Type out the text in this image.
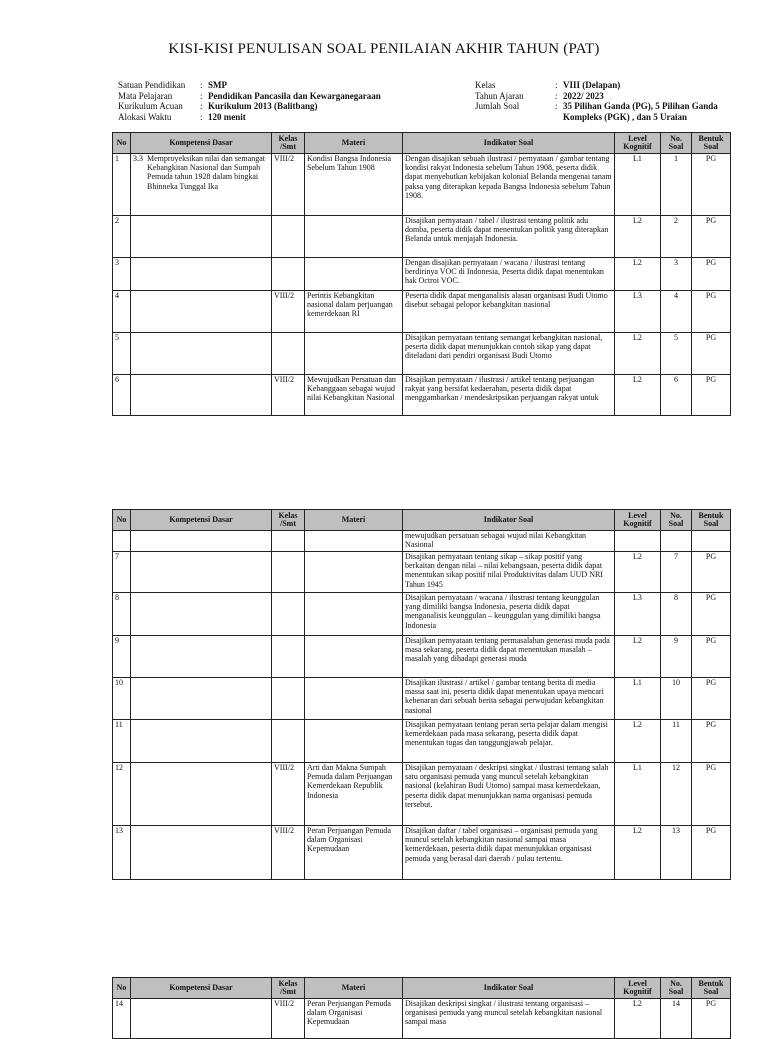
KISI-KISI PENULISAN SOAL PENILAIAN AKHIR TAHUN (PAT)
Satuan Pendidikan	: SMP
Mata Pelajaran	: Pendidikan Pancasila dan Kewarganegaraan
Kurikulum Acuan	: Kurikulum 2013 (Balitbang)
Alokasi Waktu	: 120 menit
Kelas	: VIII (Delapan)
Tahun Ajaran	: 2022/ 2023
Jumlah Soal	: 35 Pilihan Ganda (PG), 5 Pilihan Ganda Kompleks (PGK) , dan 5 Uraian
No	Kompetensi Dasar	Kelas /Smt	Materi	Indikator Soal	Level Kognitif	No. Soal	Bentuk Soal
1	3.3 Memproyeksikan nilai dan semangat Kebangkitan Nasional dan Sumpah Pemuda tahun 1928 dalam bingkai Bhinneka Tunggal Ika	VIII/2	Kondisi Bangsa Indonesia Sebelum Tahun 1908	Dengan disajikan sebuah ilustrasi / pernyataan / gambar tentang kondisi rakyat Indonesia sebelum Tahun 1908, peserta didik dapat menyebutkan kebijakan kolonial Belanda mengenai tanam paksa yang diterapkan kepada Bangsa Indonesia sebelum Tahun 1908.	L1	1	PG
2				Disajikan pernyataan / tabel / ilustrasi tentang politik adu domba, peserta didik dapat menentukan politik yang diterapkan Belanda untuk menjajah Indonesia.	L2	2	PG
3				Dengan disajikan pernyataan / wacana / ilustrasi tentang berdirinya VOC di Indonesia, Peserta didik dapat menentukan hak Octroi VOC.	L2	3	PG
4		VIII/2	Perintis Kebangkitan nasional dalam perjuangan kemerdekaan RI	Peserta didik dapat menganalisis alasan organisasi Budi Utomo disebut sebagai pelopor kebangkitan nasional	L3	4	PG
5				Disajikan pernyataan tentang semangat kebangkitan nasional, peserta didik dapat menunjukkan contoh sikap yang dapat diteladani dari pendiri organisasi Budi Utomo	L2	5	PG
6		VIII/2	Mewujudkan Persatuan dan Kebanggaan sebagai wujud nilai Kebangkitan Nasional	Disajikan pernyataan / ilustrasi / artikel tentang perjuangan rakyat yang bersifat kedaerahan, peserta didik dapat menggambarkan / mendeskripsikan perjuangan rakyat untuk	L2	6	PG
No	Kompetensi Dasar	Kelas /Smt	Materi	Indikator Soal	Level Kognitif	No. Soal	Bentuk Soal
				mewujudkan persatuan sebagai wujud nilai Kebangkitan Nasional			
7				Disajikan pernyataan tentang sikap – sikap positif yang berkaitan dengan nilai – nilai kebangsaan, peserta didik dapat menentukan sikap positif nilai Produktivitas dalam UUD NRI Tahun 1945	L2	7	PG
8				Disajikan pernyataan / wacana / ilustrasi tentang keunggulan yang dimiliki bangsa Indonesia, peserta didik dapat menganalisis keunggulan – keunggulan yang dimiliki bangsa Indonesia	L3	8	PG
9				Disajikan pernyataan tentang permasalahan generasi muda pada masa sekarang, peserta didik dapat menentukan masalah – masalah yang dihadapi generasi muda	L2	9	PG
10				Disajikan ilustrasi / artikel / gambar tentang berita di media massa saat ini, peserta didik dapat menentukan upaya mencari kebenaran dari sebuah berita sebagai perwujudan kebangkitan nasional	L1	10	PG
11				Disajikan pernyataan tentang peran serta pelajar dalam mengisi kemerdekaan pada masa sekarang, peserta didik dapat menentukan tugas dan tanggungjawab pelajar.	L2	11	PG
12		VIII/2	Arti dan Makna Sumpah Pemuda dalam Perjuangan Kemerdekaan Republik Indonesia	Disajikan pernyataan / deskripsi singkat / ilustrasi tentang salah satu organisasi pemuda yang muncul setelah kebangkitan nasional (kelahiran Budi Utomo) sampai masa kemerdekaan, peserta didik dapat menunjukkan nama organisasi pemuda tersebut.	L1	12	PG
13		VIII/2	Peran Perjuangan Pemuda dalam Organisasi Kepemudaan	Disajikan daftar / tabel organisasi – organisasi pemuda yang muncul setelah kebangkitan nasional sampai masa kemerdekaan, peserta didik dapat menunjukkan organisasi pemuda yang berasal dari daerah / pulau tertentu.	L2	13	PG
No	Kompetensi Dasar	Kelas /Smt	Materi	Indikator Soal	Level Kognitif	No. Soal	Bentuk Soal
14		VIII/2	Peran Perjuangan Pemuda dalam Organisasi Kepemudaan	Disajikan deskripsi singkat / ilustrasi tentang organisasi – organisasi pemuda yang muncul setelah kebangkitan nasional sampai masa	L2	14	PG
